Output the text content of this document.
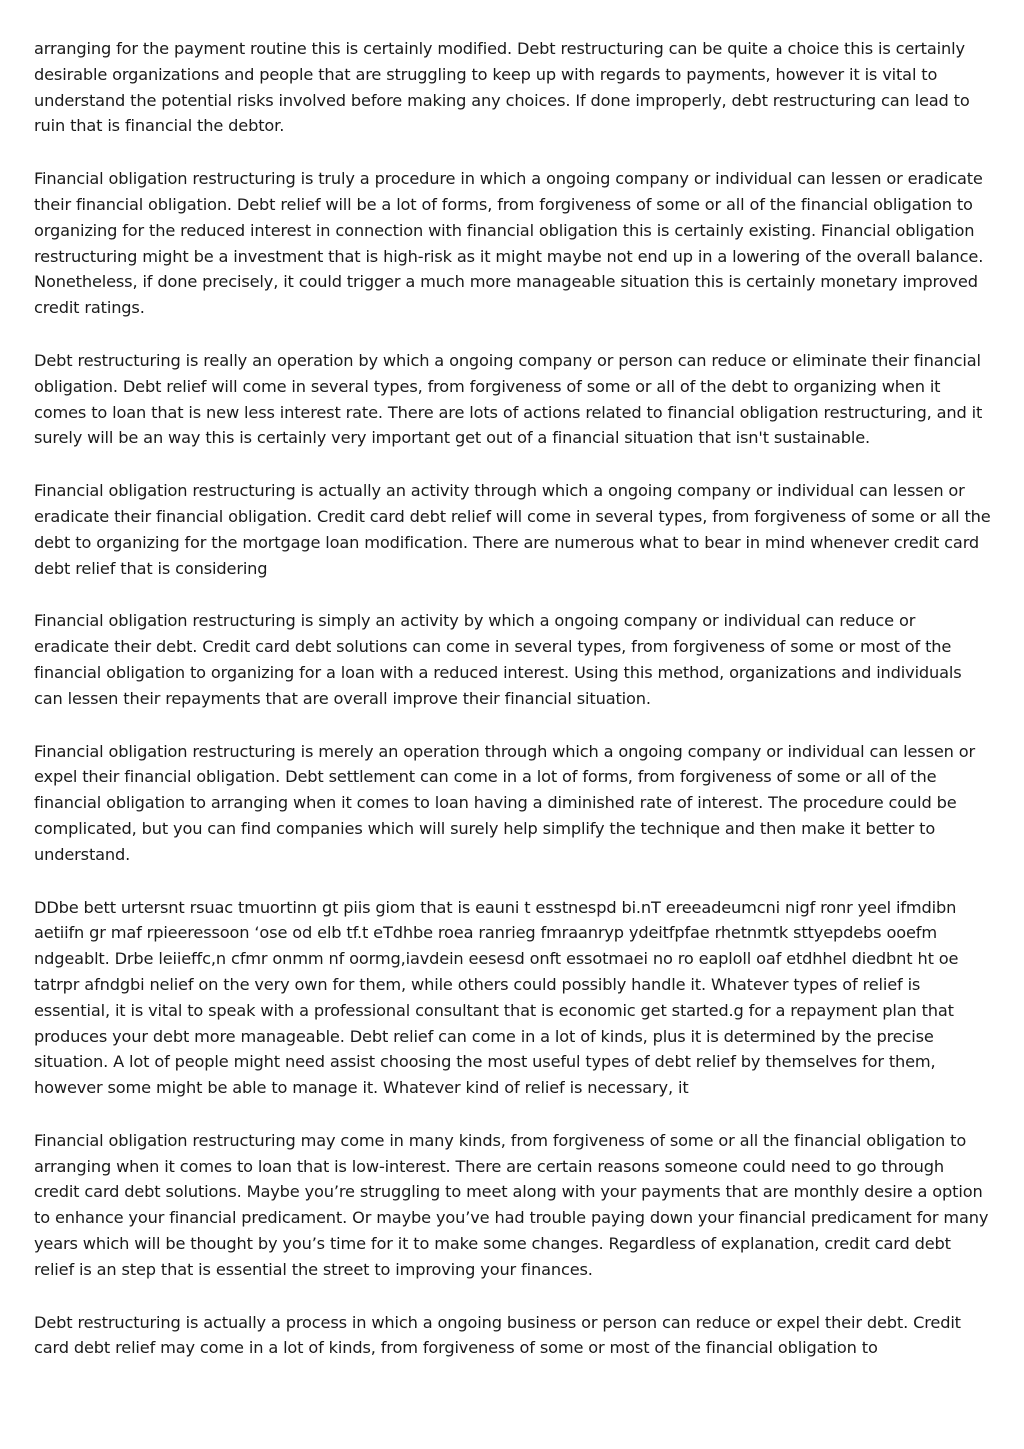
arranging for the payment routine this is certainly modified. Debt restructuring can be quite a choice this is certainly desirable organizations and people that are struggling to keep up with regards to payments, however it is vital to understand the potential risks involved before making any choices. If done improperly, debt restructuring can lead to ruin that is financial the debtor.

Financial obligation restructuring is truly a procedure in which a ongoing company or individual can lessen or eradicate their financial obligation. Debt relief will be a lot of forms, from forgiveness of some or all of the financial obligation to organizing for the reduced interest in connection with financial obligation this is certainly existing. Financial obligation restructuring might be a investment that is high-risk as it might maybe not end up in a lowering of the overall balance. Nonetheless, if done precisely, it could trigger a much more manageable situation this is certainly monetary improved credit ratings.

Debt restructuring is really an operation by which a ongoing company or person can reduce or eliminate their financial obligation. Debt relief will come in several types, from forgiveness of some or all of the debt to organizing when it comes to loan that is new less interest rate. There are lots of actions related to financial obligation restructuring, and it surely will be an way this is certainly very important get out of a financial situation that isn't sustainable.

Financial obligation restructuring is actually an activity through which a ongoing company or individual can lessen or eradicate their financial obligation. Credit card debt relief will come in several types, from forgiveness of some or all the debt to organizing for the mortgage loan modification. There are numerous what to bear in mind whenever credit card debt relief that is considering

Financial obligation restructuring is simply an activity by which a ongoing company or individual can reduce or eradicate their debt. Credit card debt solutions can come in several types, from forgiveness of some or most of the financial obligation to organizing for a loan with a reduced interest. Using this method, organizations and individuals can lessen their repayments that are overall improve their financial situation.

Financial obligation restructuring is merely an operation through which a ongoing company or individual can lessen or expel their financial obligation. Debt settlement can come in a lot of forms, from forgiveness of some or all of the financial obligation to arranging when it comes to loan having a diminished rate of interest. The procedure could be complicated, but you can find companies which will surely help simplify the technique and then make it better to understand.

DDbe bett urtersnt rsuac tmuortinn gt piis giom that is eauni t esstnespd bi.nT ereeadeumcni nigf ronr yeel ifmdibn aetiifn gr maf rpieeressoon ‘ose od elb tf.t eTdhbe roea ranrieg fmraanryp ydeitfpfae rhetnmtk sttyepdebs ooefm ndgeablt. Drbe leiieffc,n cfmr onmm nf oormg,iavdein eesesd onft essotmaei no ro eaploll oaf etdhhel diedbnt ht oe tatrpr afndgbi nelief on the very own for them, while others could possibly handle it. Whatever types of relief is essential, it is vital to speak with a professional consultant that is economic get started.g for a repayment plan that produces your debt more manageable. Debt relief can come in a lot of kinds, plus it is determined by the precise situation. A lot of people might need assist choosing the most useful types of debt relief by themselves for them, however some might be able to manage it. Whatever kind of relief is necessary, it

Financial obligation restructuring may come in many kinds, from forgiveness of some or all the financial obligation to arranging when it comes to loan that is low-interest. There are certain reasons someone could need to go through credit card debt solutions. Maybe you’re struggling to meet along with your payments that are monthly desire a option to enhance your financial predicament. Or maybe you’ve had trouble paying down your financial predicament for many years which will be thought by you’s time for it to make some changes. Regardless of explanation, credit card debt relief is an step that is essential the street to improving your finances.

Debt restructuring is actually a process in which a ongoing business or person can reduce or expel their debt. Credit card debt relief may come in a lot of kinds, from forgiveness of some or most of the financial obligation to
